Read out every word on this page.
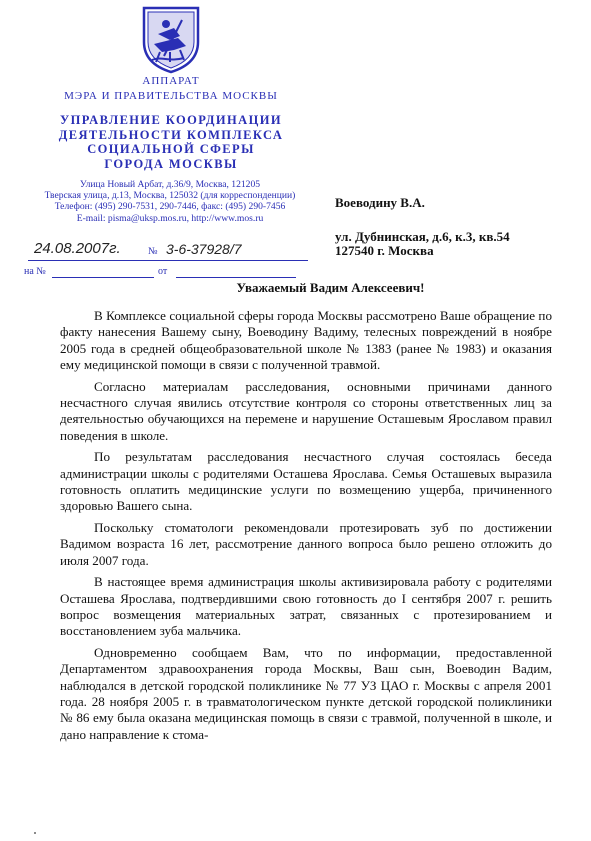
АППАРАТ
МЭРА И ПРАВИТЕЛЬСТВА МОСКВЫ
УПРАВЛЕНИЕ КООРДИНАЦИИ
ДЕЯТЕЛЬНОСТИ КОМПЛЕКСА
СОЦИАЛЬНОЙ СФЕРЫ
ГОРОДА МОСКВЫ
Улица Новый Арбат, д.36/9, Москва, 121205
Тверская улица, д.13, Москва, 125032 (для корреспонденции)
Телефон: (495) 290-7531, 290-7446, факс: (495) 290-7456
E-mail: pisma@uksp.mos.ru, http://www.mos.ru
24.08.2007г.	№ 3-6-37928/7
на №	от
Воеводину В.А.
ул. Дубнинская, д.6, к.3, кв.54
127540 г. Москва
Уважаемый Вадим Алексеевич!

В Комплексе социальной сферы города Москвы рассмотрено Ваше обращение по факту нанесения Вашему сыну, Воеводину Вадиму, телесных повреждений в ноябре 2005 года в средней общеобразовательной школе № 1383 (ранее № 1983) и оказания ему медицинской помощи в связи с полученной травмой.

Согласно материалам расследования, основными причинами данного несчастного случая явились отсутствие контроля со стороны ответственных лиц за деятельностью обучающихся на перемене и нарушение Осташевым Ярославом правил поведения в школе.

По результатам расследования несчастного случая состоялась беседа администрации школы с родителями Осташева Ярослава. Семья Осташевых выразила готовность оплатить медицинские услуги по возмещению ущерба, причиненного здоровью Вашего сына.

Поскольку стоматологи рекомендовали протезировать зуб по достижении Вадимом возраста 16 лет, рассмотрение данного вопроса было решено отложить до июля 2007 года.

В настоящее время администрация школы активизировала работу с родителями Осташева Ярослава, подтвердившими свою готовность до I сентября 2007 г. решить вопрос возмещения материальных затрат, связанных с протезированием и восстановлением зуба мальчика.

Одновременно сообщаем Вам, что по информации, предоставленной Департаментом здравоохранения города Москвы, Ваш сын, Воеводин Вадим, наблюдался в детской городской поликлинике № 77 УЗ ЦАО г. Москвы с апреля 2001 года. 28 ноября 2005 г. в травматологическом пункте детской городской поликлиники № 86 ему была оказана медицинская помощь в связи с травмой, полученной в школе, и дано направление к стома-
